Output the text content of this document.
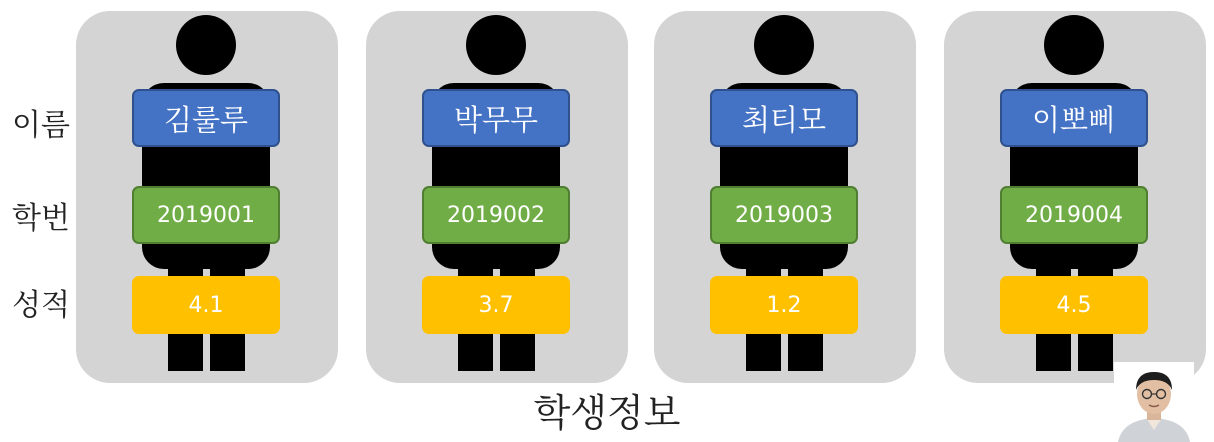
이름
학번
성적
김룰루
2019001
4.1
박무무
2019002
3.7
최티모
2019003
1.2
이뽀삐
2019004
4.5
학생정보
